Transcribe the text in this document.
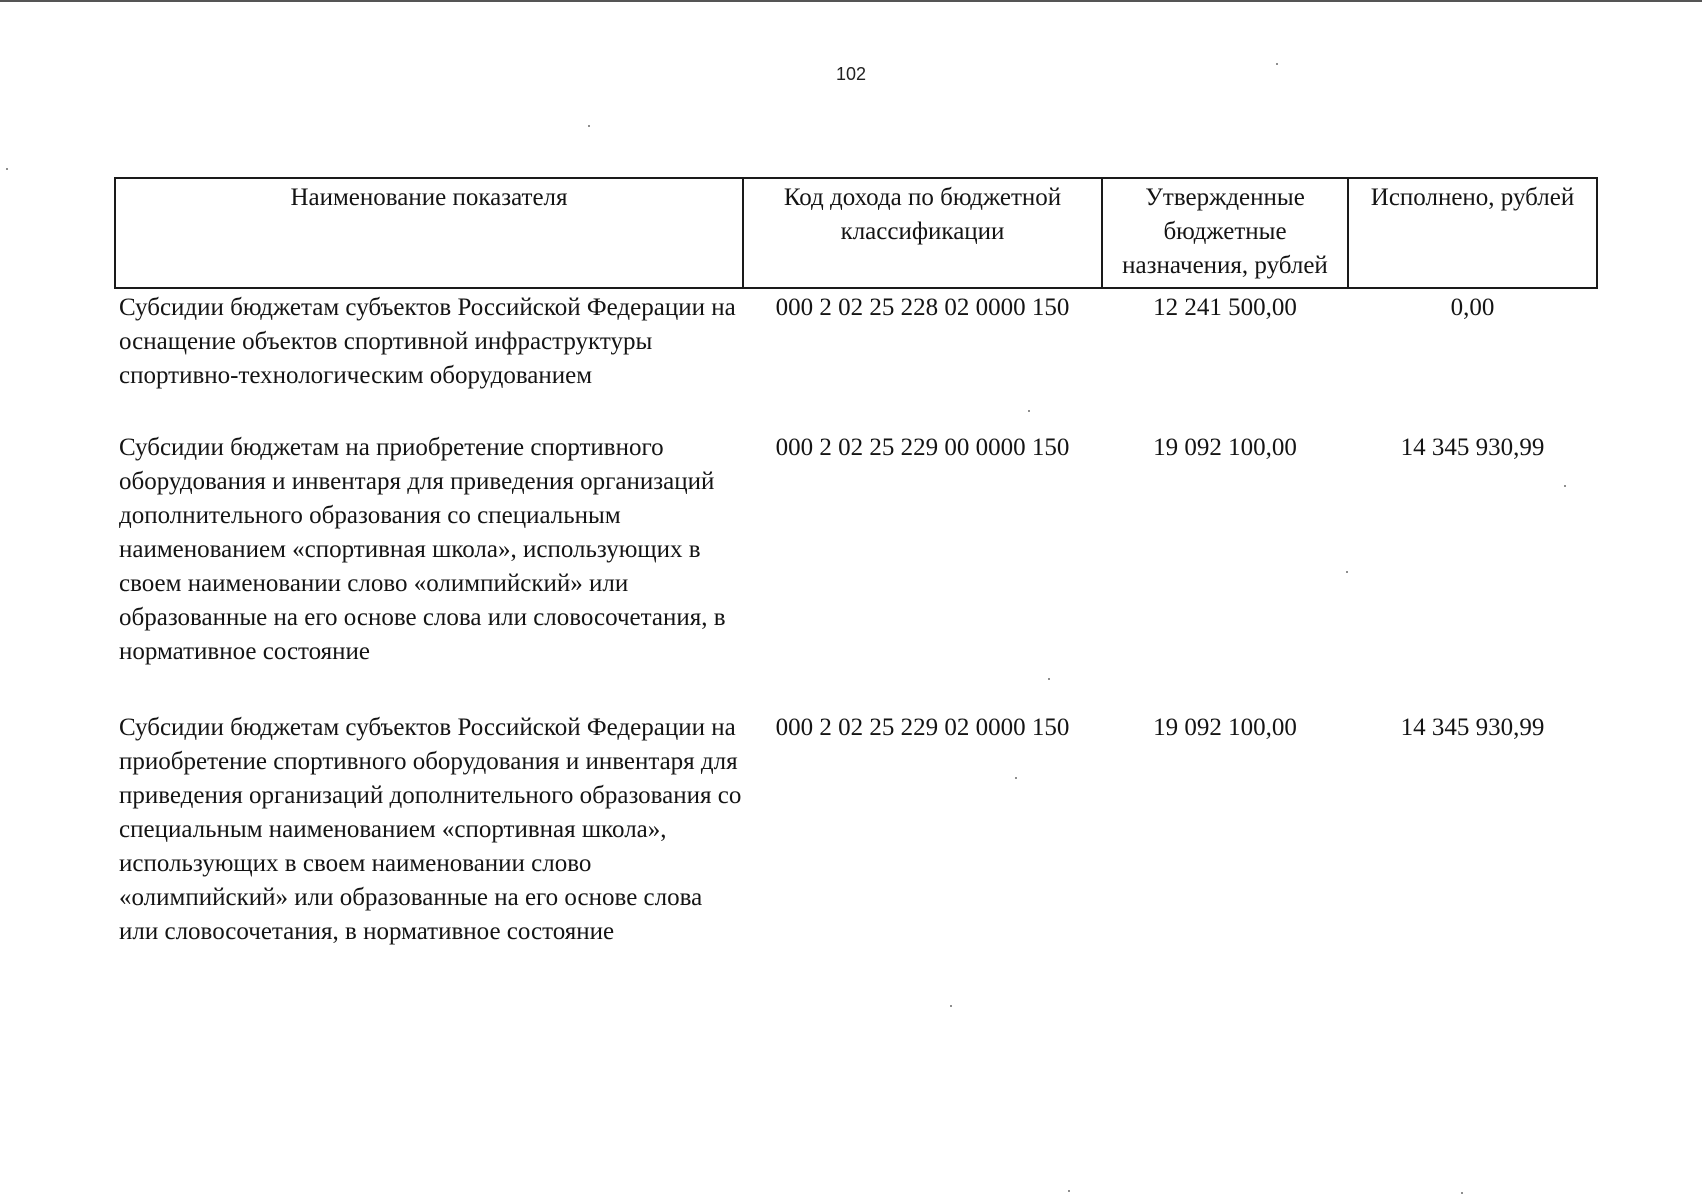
102
Наименование показателя	Код дохода по бюджетной классификации	Утвержденные бюджетные назначения, рублей	Исполнено, рублей
Субсидии бюджетам субъектов Российской Федерации на оснащение объектов спортивной инфраструктуры спортивно-технологическим оборудованием	000 2 02 25 228 02 0000 150	12 241 500,00	0,00
Субсидии бюджетам на приобретение спортивного оборудования и инвентаря для приведения организаций дополнительного образования со специальным наименованием «спортивная школа», использующих в своем наименовании слово «олимпийский» или образованные на его основе слова или словосочетания, в нормативное состояние	000 2 02 25 229 00 0000 150	19 092 100,00	14 345 930,99
Субсидии бюджетам субъектов Российской Федерации на приобретение спортивного оборудования и инвентаря для приведения организаций дополнительного образования со специальным наименованием «спортивная школа», использующих в своем наименовании слово «олимпийский» или образованные на его основе слова или словосочетания, в нормативное состояние	000 2 02 25 229 02 0000 150	19 092 100,00	14 345 930,99
